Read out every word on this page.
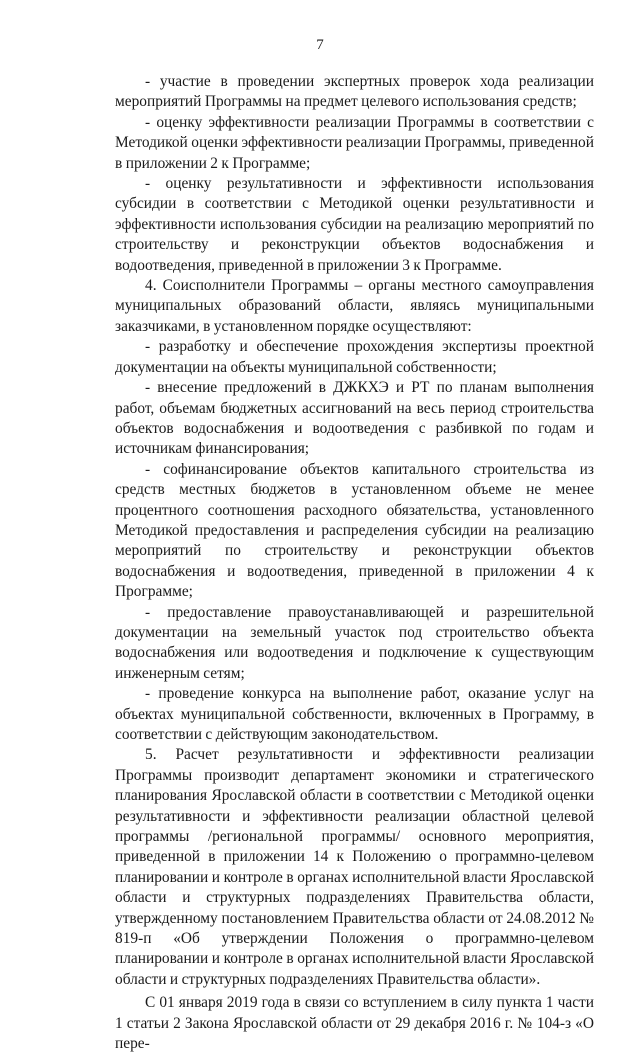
7

- участие в проведении экспертных проверок хода реализации мероприятий Программы на предмет целевого использования средств;

- оценку эффективности реализации Программы в соответствии с Методикой оценки эффективности реализации Программы, приведенной в приложении 2 к Программе;

- оценку результативности и эффективности использования субсидии в соответствии с Методикой оценки результативности и эффективности использования субсидии на реализацию мероприятий по строительству и реконструкции объектов водоснабжения и водоотведения, приведенной в приложении 3 к Программе.

4. Соисполнители Программы – органы местного самоуправления муниципальных образований области, являясь муниципальными заказчиками, в установленном порядке осуществляют:

- разработку и обеспечение прохождения экспертизы проектной документации на объекты муниципальной собственности;

- внесение предложений в ДЖКХЭ и РТ по планам выполнения работ, объемам бюджетных ассигнований на весь период строительства объектов водоснабжения и водоотведения с разбивкой по годам и источникам финансирования;

- софинансирование объектов капитального строительства из средств местных бюджетов в установленном объеме не менее процентного соотношения расходного обязательства, установленного Методикой предоставления и распределения субсидии на реализацию мероприятий по строительству и реконструкции объектов водоснабжения и водоотведения, приведенной в приложении 4 к Программе;

- предоставление правоустанавливающей и разрешительной документации на земельный участок под строительство объекта водоснабжения или водоотведения и подключение к существующим инженерным сетям;

- проведение конкурса на выполнение работ, оказание услуг на объектах муниципальной собственности, включенных в Программу, в соответствии с действующим законодательством.

5. Расчет результативности и эффективности реализации Программы производит департамент экономики и стратегического планирования Ярославской области в соответствии с Методикой оценки результативности и эффективности реализации областной целевой программы /региональной программы/ основного мероприятия, приведенной в приложении 14 к Положению о программно-целевом планировании и контроле в органах исполнительной власти Ярославской области и структурных подразделениях Правительства области, утвержденному постановлением Правительства области от 24.08.2012 № 819-п «Об утверждении Положения о программно-целевом планировании и контроле в органах исполнительной власти Ярославской области и структурных подразделениях Правительства области».

С 01 января 2019 года в связи со вступлением в силу пункта 1 части 1 статьи 2 Закона Ярославской области от 29 декабря 2016 г. № 104-з «О пере-
